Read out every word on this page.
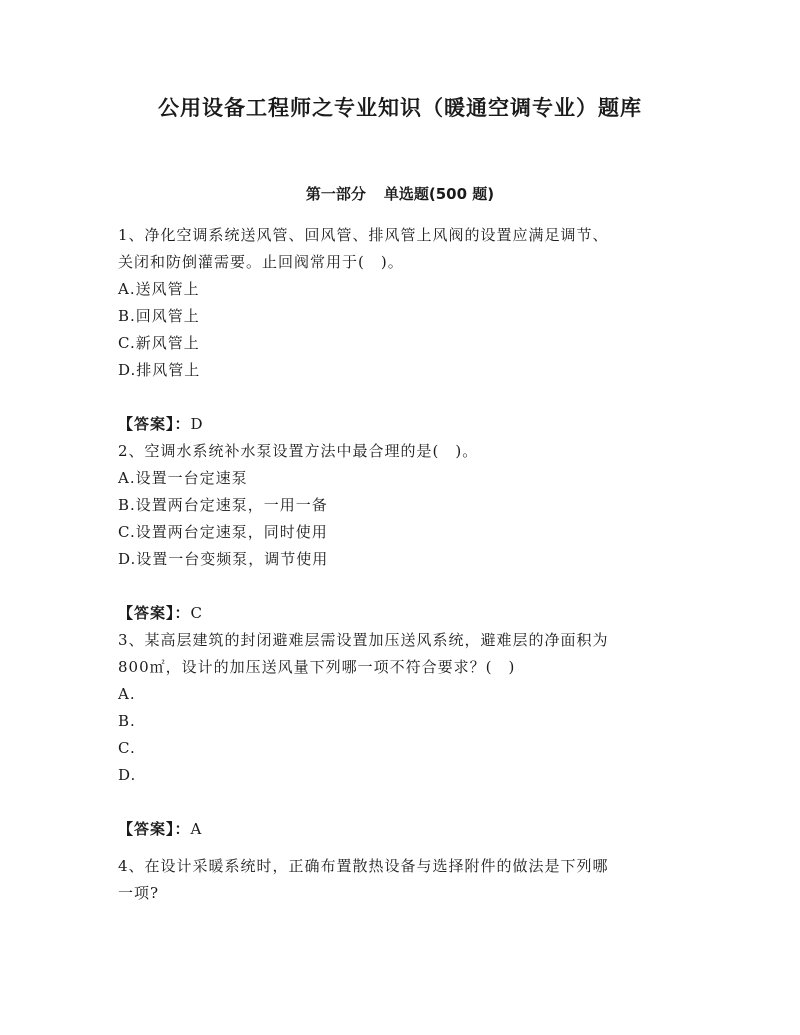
公用设备工程师之专业知识（暖通空调专业）题库
第一部分 单选题(500 题)
1、净化空调系统送风管、回风管、排风管上风阀的设置应满足调节、
关闭和防倒灌需要。止回阀常用于(　)。
A.送风管上
B.回风管上
C.新风管上
D.排风管上
【答案】：D
2、空调水系统补水泵设置方法中最合理的是(　)。
A.设置一台定速泵
B.设置两台定速泵，一用一备
C.设置两台定速泵，同时使用
D.设置一台变频泵，调节使用
【答案】：C
3、某高层建筑的封闭避难层需设置加压送风系统，避难层的净面积为
800㎡，设计的加压送风量下列哪一项不符合要求？(　)
A.
B.
C.
D.
【答案】：A
4、在设计采暖系统时，正确布置散热设备与选择附件的做法是下列哪
一项?
